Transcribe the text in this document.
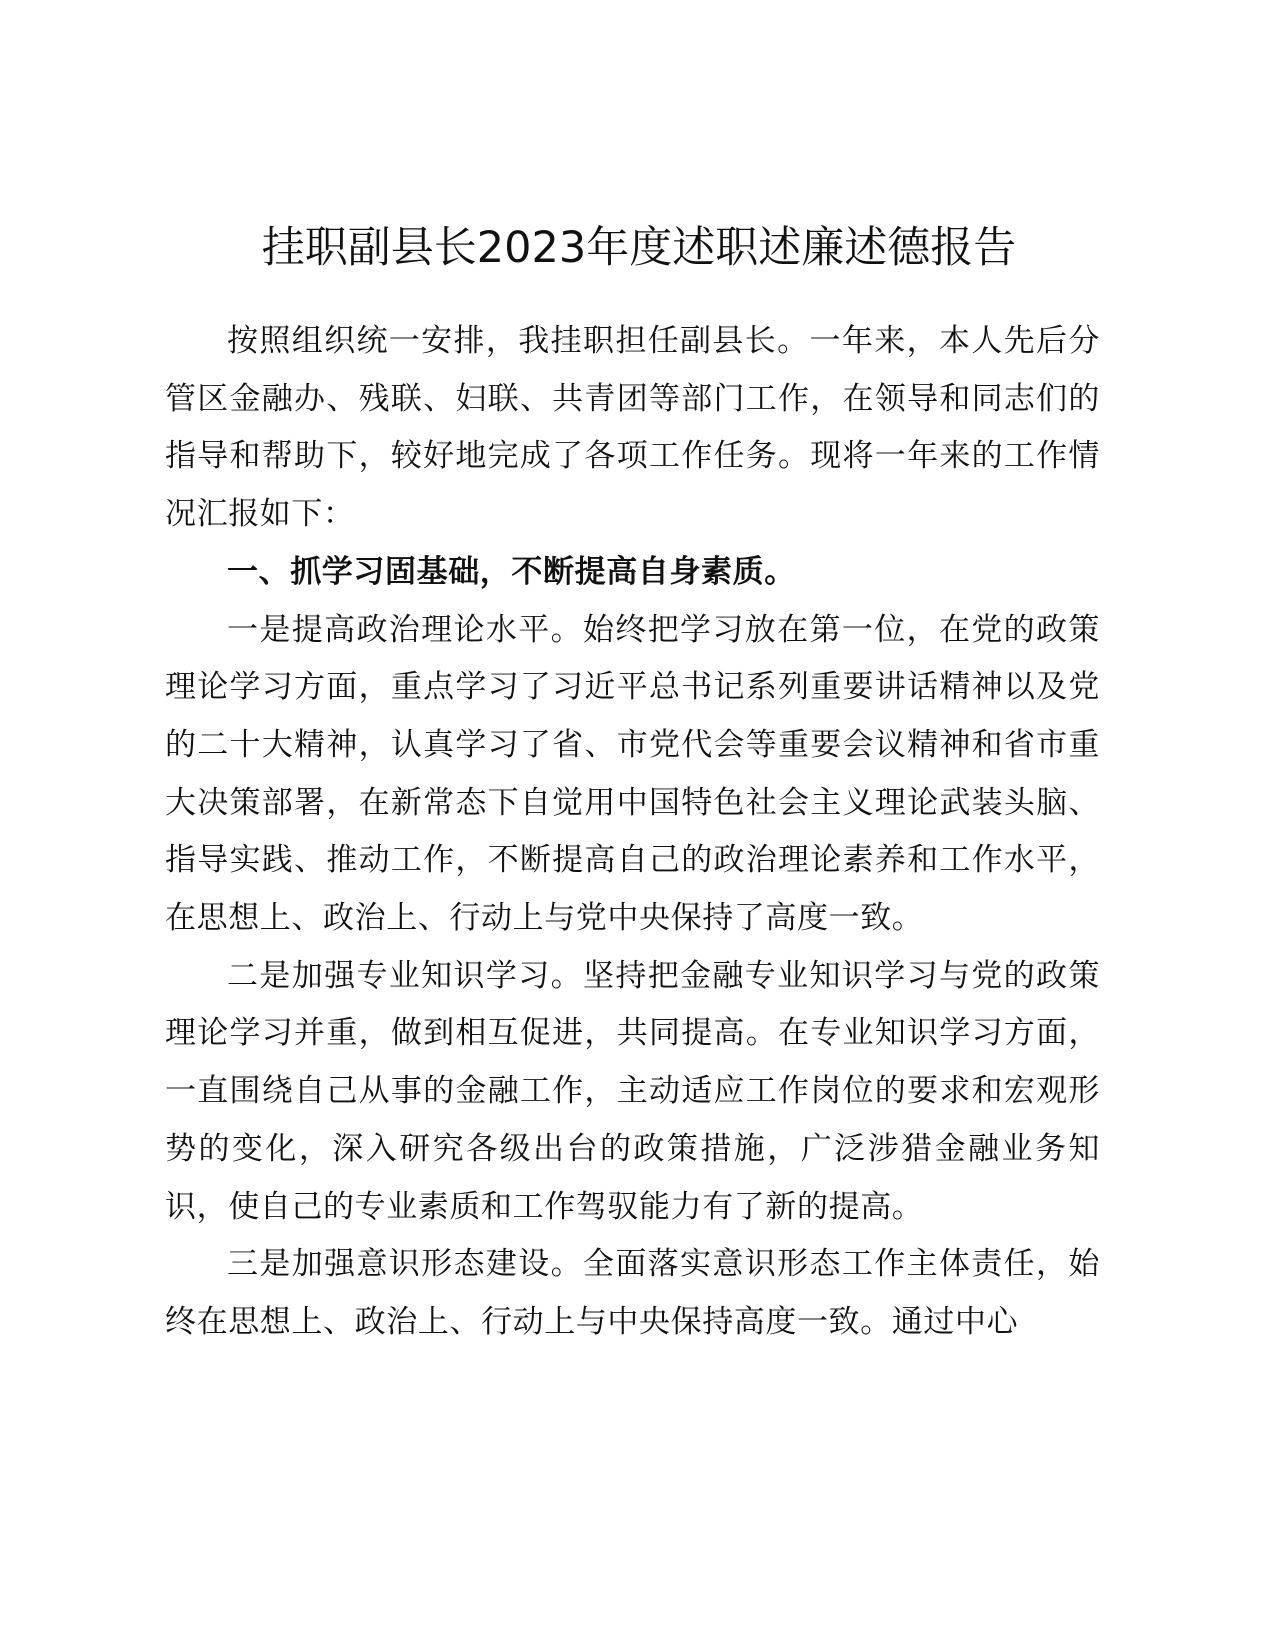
挂职副县长2023年度述职述廉述德报告

按照组织统一安排，我挂职担任副县长。一年来，本人先后分管区金融办、残联、妇联、共青团等部门工作，在领导和同志们的指导和帮助下，较好地完成了各项工作任务。现将一年来的工作情况汇报如下：

一、抓学习固基础，不断提高自身素质。

一是提高政治理论水平。始终把学习放在第一位，在党的政策理论学习方面，重点学习了习近平总书记系列重要讲话精神以及党的二十大精神，认真学习了省、市党代会等重要会议精神和省市重大决策部署，在新常态下自觉用中国特色社会主义理论武装头脑、指导实践、推动工作，不断提高自己的政治理论素养和工作水平，在思想上、政治上、行动上与党中央保持了高度一致。

二是加强专业知识学习。坚持把金融专业知识学习与党的政策理论学习并重，做到相互促进，共同提高。在专业知识学习方面，一直围绕自己从事的金融工作，主动适应工作岗位的要求和宏观形势的变化，深入研究各级出台的政策措施，广泛涉猎金融业务知识，使自己的专业素质和工作驾驭能力有了新的提高。

三是加强意识形态建设。全面落实意识形态工作主体责任，始终在思想上、政治上、行动上与中央保持高度一致。通过中心
